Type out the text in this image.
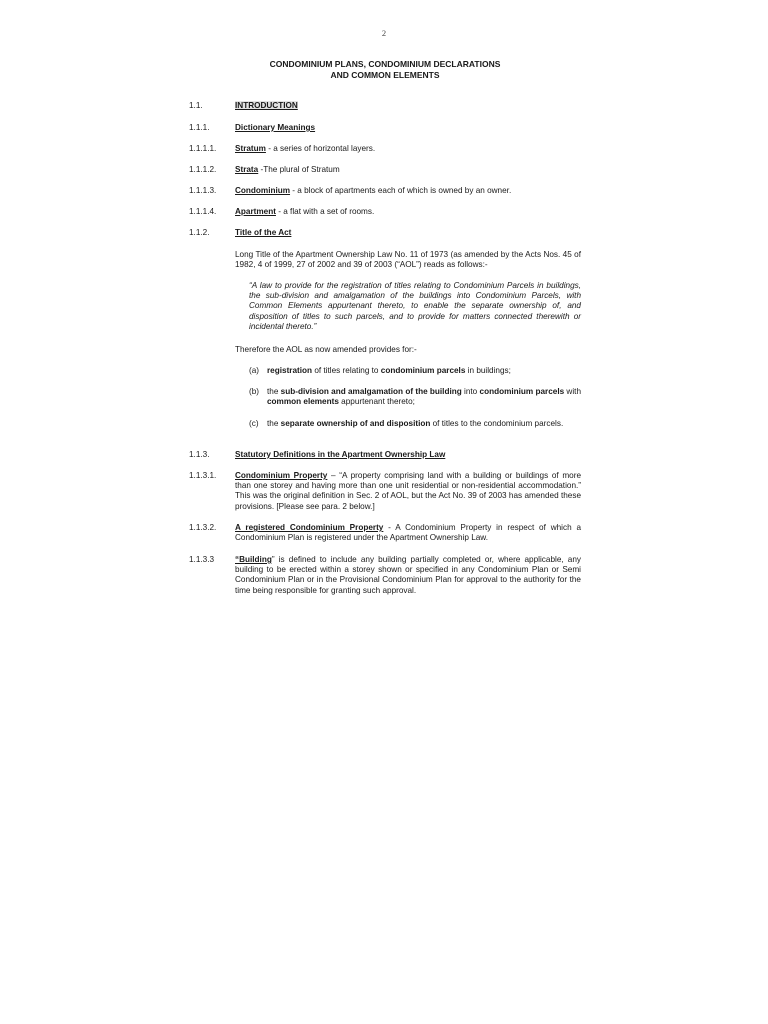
2
CONDOMINIUM PLANS, CONDOMINIUM DECLARATIONS
AND COMMON ELEMENTS
1.1.	INTRODUCTION
1.1.1.	Dictionary Meanings
1.1.1.1. Stratum - a series of horizontal layers.
1.1.1.2. Strata -The plural of Stratum
1.1.1.3. Condominium - a block of apartments each of which is owned by an owner.
1.1.1.4. Apartment - a flat with a set of rooms.
1.1.2.	Title of the Act
Long Title of the Apartment Ownership Law No. 11 of 1973 (as amended by the Acts Nos. 45 of 1982, 4 of 1999, 27 of 2002 and 39 of 2003 (“AOL”) reads as follows:-
“A law to provide for the registration of titles relating to Condominium Parcels in buildings, the sub-division and amalgamation of the buildings into Condominium Parcels, with Common Elements appurtenant thereto, to enable the separate ownership of, and disposition of titles to such parcels, and to provide for matters connected therewith or incidental thereto.”
Therefore the AOL as now amended provides for:-
(a) registration of titles relating to condominium parcels in buildings;
(b) the sub-division and amalgamation of the building into condominium parcels with common elements appurtenant thereto;
(c) the separate ownership of and disposition of titles to the condominium parcels.
1.1.3.	Statutory Definitions in the Apartment Ownership Law
1.1.3.1. Condominium Property – “A property comprising land with a building or buildings of more than one storey and having more than one unit residential or non-residential accommodation.” This was the original definition in Sec. 2 of AOL, but the Act No. 39 of 2003 has amended these provisions. [Please see para. 2 below.]
1.1.3.2. A registered Condominium Property - A Condominium Property in respect of which a Condominium Plan is registered under the Apartment Ownership Law.
1.1.3.3	“Building” is defined to include any building partially completed or, where applicable, any building to be erected within a storey shown or specified in any Condominium Plan or Semi Condominium Plan or in the Provisional Condominium Plan for approval to the authority for the time being responsible for granting such approval.
